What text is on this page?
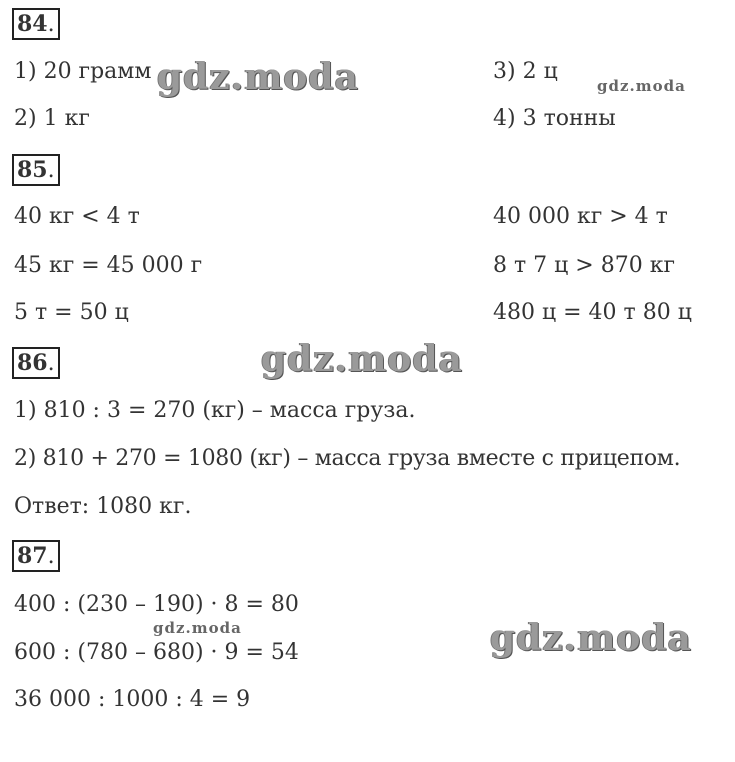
84.
1) 20 грамм
2) 1 кг
3) 2 ц
4) 3 тонны
85.
40 кг < 4 т
45 кг = 45 000 г
5 т = 50 ц
40 000 кг > 4 т
8 т 7 ц > 870 кг
480 ц = 40 т 80 ц
86.
1) 810 : 3 = 270 (кг) – масса груза.
2) 810 + 270 = 1080 (кг) – масса груза вместе с прицепом.
Ответ: 1080 кг.
87.
400 : (230 – 190) · 8 = 80
600 : (780 – 680) · 9 = 54
36 000 : 1000 : 4 = 9
gdz.moda	gdz.moda
gdz.moda
gdz.moda	gdz.moda
